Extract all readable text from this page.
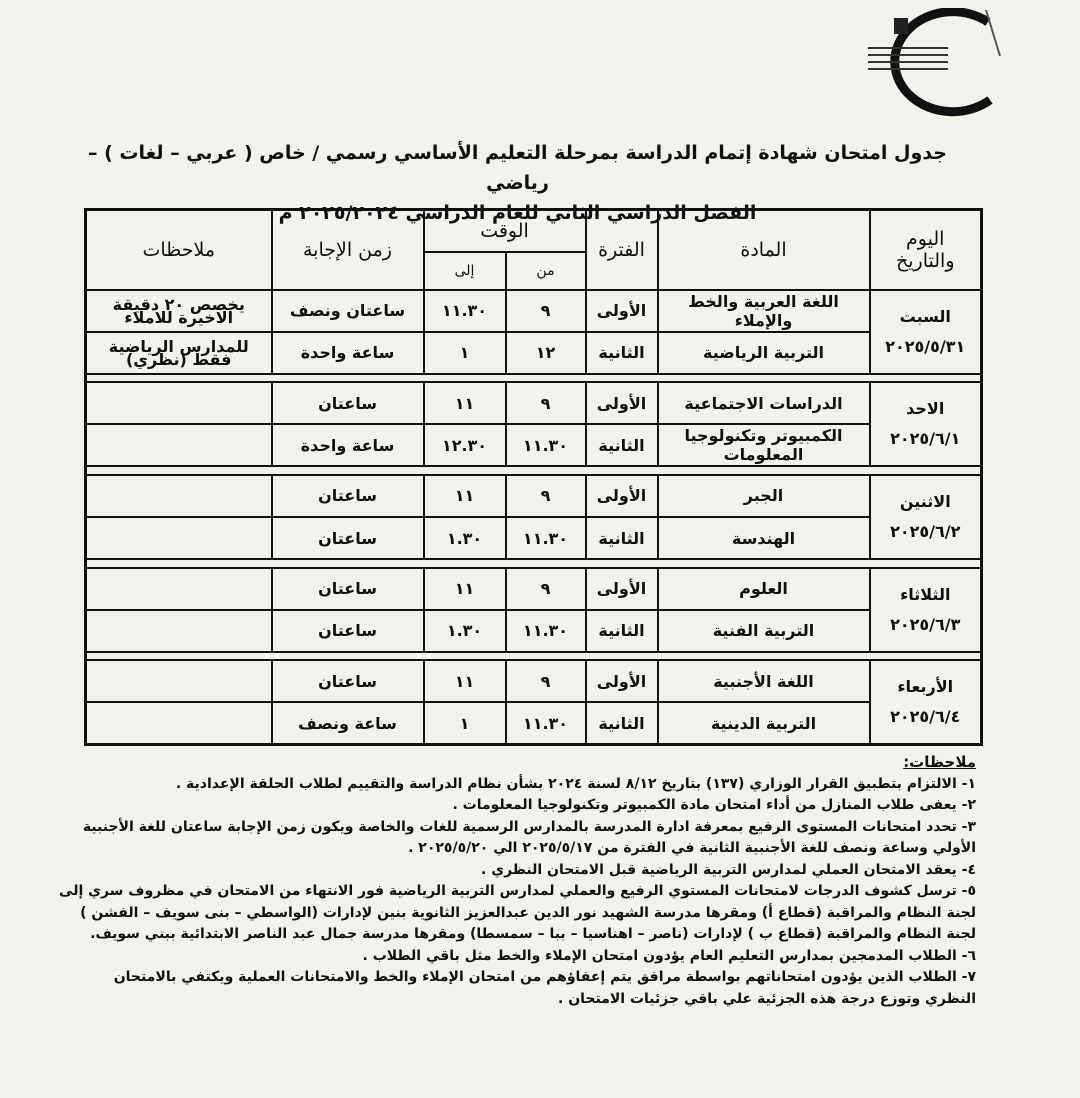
جدول امتحان شهادة إتمام الدراسة بمرحلة التعليم الأساسي رسمي / خاص ( عربي – لغات ) – رياضي
الفصل الدراسي الثاني للعام الدراسي ٢٠٢٥/٢٠٢٤ م
اليوم والتاريخ	المادة	الفترة	الوقت		زمن الإجابة	ملاحظات
			من	إلى		

السبت
٢٠٢٥/٥/٣١	اللغة العربية والخط والإملاء	الأولى	٩	١١.٣٠	ساعتان ونصف	يخصص ٢٠ دقيقة الاخيرة للاملاء
	التربية الرياضية	الثانية	١٢	١	ساعة واحدة	للمدارس الرياضية فقط (نظري)

الاحد
٢٠٢٥/٦/١	الدراسات الاجتماعية	الأولى	٩	١١	ساعتان	
	الكمبيوتر وتكنولوجيا المعلومات	الثانية	١١.٣٠	١٢.٣٠	ساعة واحدة	

الاثنين
٢٠٢٥/٦/٢	الجبر	الأولى	٩	١١	ساعتان	
	الهندسة	الثانية	١١.٣٠	١.٣٠	ساعتان	

الثلاثاء
٢٠٢٥/٦/٣	العلوم	الأولى	٩	١١	ساعتان	
	التربية الفنية	الثانية	١١.٣٠	١.٣٠	ساعتان	

الأربعاء
٢٠٢٥/٦/٤	اللغة الأجنبية	الأولى	٩	١١	ساعتان	
	التربية الدينية	الثانية	١١.٣٠	١	ساعة ونصف	
ملاحظات:

١- الالتزام بتطبيق القرار الوزاري (١٣٧) بتاريخ ٨/١٢ لسنة ٢٠٢٤ بشأن نظام الدراسة والتقييم لطلاب الحلقة الإعدادية .

٢- يعفى طلاب المنازل من أداء امتحان مادة الكمبيوتر وتكنولوجيا المعلومات .

٣- تحدد امتحانات المستوى الرفيع بمعرفة ادارة المدرسة بالمدارس الرسمية للغات والخاصة ويكون زمن الإجابة ساعتان للغة الأجنبية الأولي وساعة ونصف للغة الأجنبية الثانية في الفترة من ٢٠٢٥/٥/١٧ الي ٢٠٢٥/٥/٢٠ .

٤- يعقد الامتحان العملي لمدارس التربية الرياضية قبل الامتحان النظري .

٥- ترسل كشوف الدرجات لامتحانات المستوي الرفيع والعملي لمدارس التربية الرياضية فور الانتهاء من الامتحان في مظروف سري إلى لجنة النظام والمراقبة (قطاع أ) ومقرها مدرسة الشهيد نور الدين عبدالعزيز الثانوية بنين لإدارات (الواسطي – بنى سويف – الفشن ) لجنة النظام والمراقبة (قطاع ب ) لإدارات (ناصر – اهناسيا – ببا – سمسطا) ومقرها مدرسة جمال عبد الناصر الابتدائية ببني سويف.

٦- الطلاب المدمجين بمدارس التعليم العام يؤدون امتحان الإملاء والخط مثل باقي الطلاب .

٧- الطلاب الذين يؤدون امتحاناتهم بواسطة مرافق يتم إعفاؤهم من امتحان الإملاء والخط والامتحانات العملية ويكتفي بالامتحان النظري وتوزع درجة هذه الجزئية علي باقي جزئيات الامتحان .
